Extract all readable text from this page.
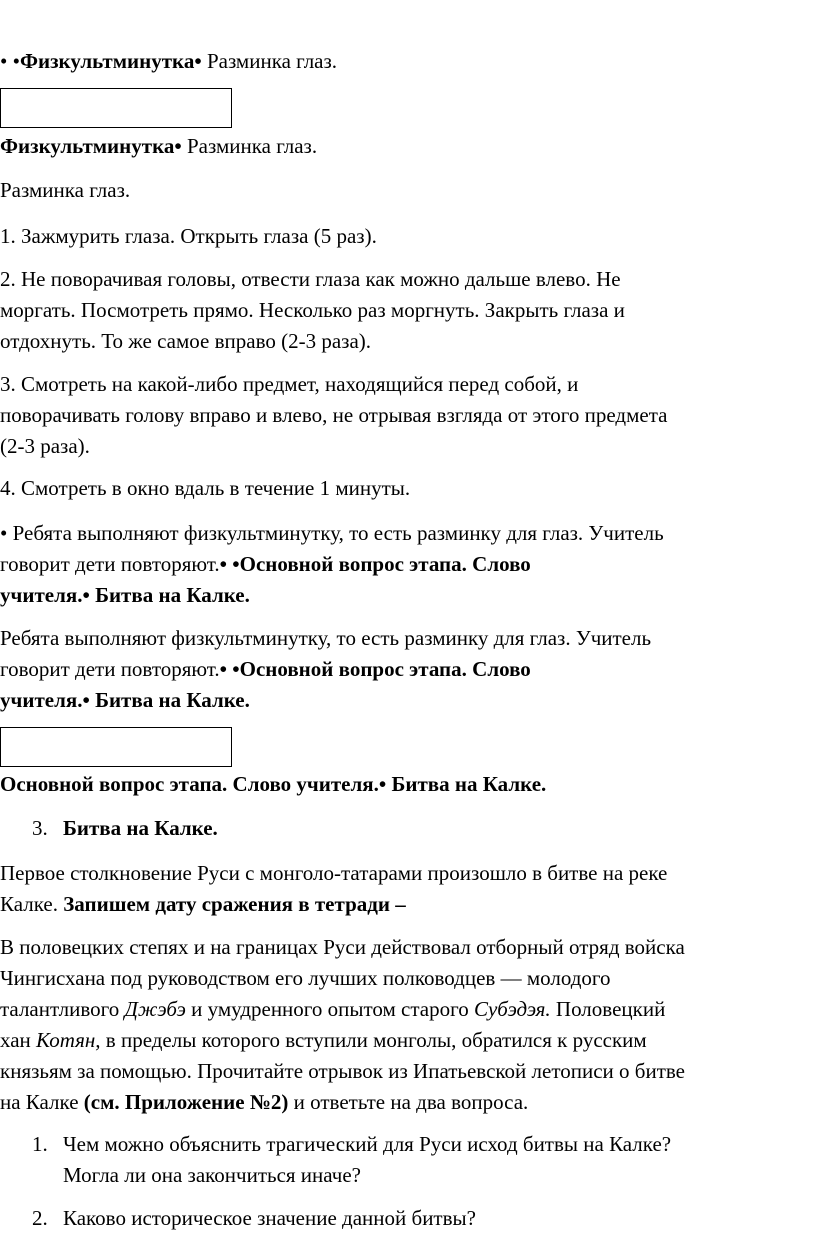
• •Физкультминутка• Разминка глаз.
Физкультминутка• Разминка глаз.
Разминка глаз.
1. Зажмурить глаза. Открыть глаза (5 раз).
2. Не поворачивая головы, отвести глаза как можно дальше влево. Не
моргать. Посмотреть прямо. Несколько раз моргнуть. Закрыть глаза и
отдохнуть. То же самое вправо (2-3 раза).
3. Смотреть на какой-либо предмет, находящийся перед собой, и
поворачивать голову вправо и влево, не отрывая взгляда от этого предмета
(2-3 раза).
4. Смотреть в окно вдаль в течение 1 минуты.
• Ребята выполняют физкультминутку, то есть разминку для глаз. Учитель
говорит дети повторяют.• •Основной вопрос этапа. Слово
учителя.• Битва на Калке.
Ребята выполняют физкультминутку, то есть разминку для глаз. Учитель
говорит дети повторяют.• •Основной вопрос этапа. Слово
учителя.• Битва на Калке.
Основной вопрос этапа. Слово учителя.• Битва на Калке.
3. Битва на Калке.
Первое столкновение Руси с монголо-татарами произошло в битве на реке
Калке. Запишем дату сражения в тетради –
В половецких степях и на границах Руси действовал отборный отряд войска
Чингисхана под руководством его лучших полководцев — молодого
талантливого Джэбэ и умудренного опытом старого Субэдэя. Половецкий
хан Котян, в пределы которого вступили монголы, обратился к русским
князьям за помощью. Прочитайте отрывок из Ипатьевской летописи о битве
на Калке (см. Приложение №2) и ответьте на два вопроса.
1. Чем можно объяснить трагический для Руси исход битвы на Калке?
Могла ли она закончиться иначе?
2. Каково историческое значение данной битвы?
